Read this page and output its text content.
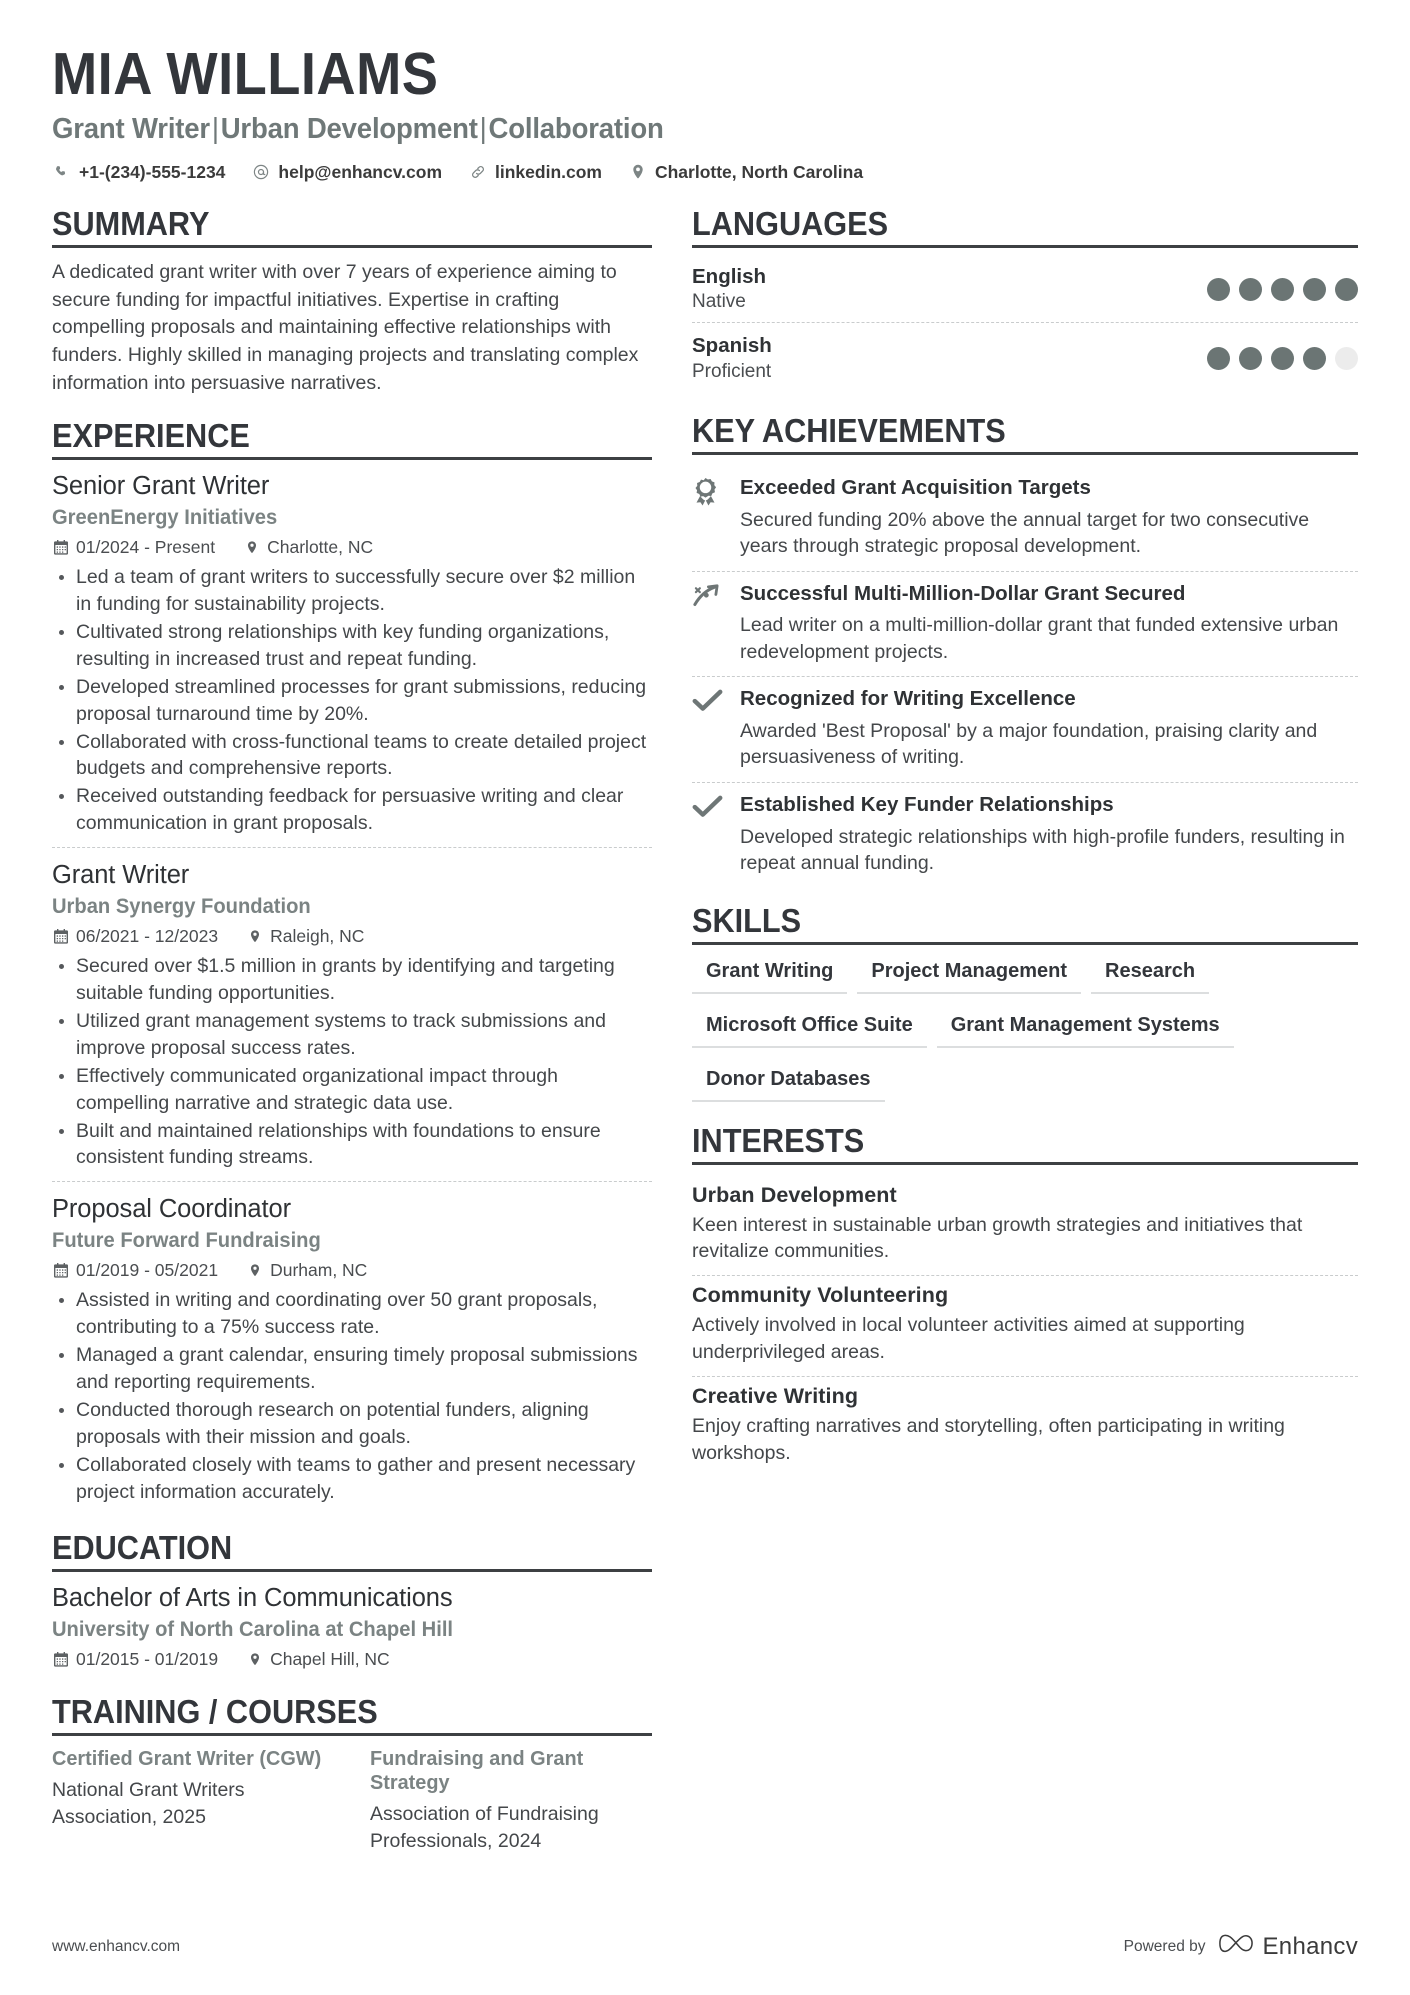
MIA WILLIAMS
Grant Writer|Urban Development|Collaboration
+1-(234)-555-1234	help@enhancv.com	linkedin.com	Charlotte, North Carolina
SUMMARY
A dedicated grant writer with over 7 years of experience aiming to secure funding for impactful initiatives. Expertise in crafting compelling proposals and maintaining effective relationships with funders. Highly skilled in managing projects and translating complex information into persuasive narratives.
EXPERIENCE
Senior Grant Writer
GreenEnergy Initiatives
01/2024 - Present	Charlotte, NC
Led a team of grant writers to successfully secure over $2 million in funding for sustainability projects.
Cultivated strong relationships with key funding organizations, resulting in increased trust and repeat funding.
Developed streamlined processes for grant submissions, reducing proposal turnaround time by 20%.
Collaborated with cross-functional teams to create detailed project budgets and comprehensive reports.
Received outstanding feedback for persuasive writing and clear communication in grant proposals.
Grant Writer
Urban Synergy Foundation
06/2021 - 12/2023	Raleigh, NC
Secured over $1.5 million in grants by identifying and targeting suitable funding opportunities.
Utilized grant management systems to track submissions and improve proposal success rates.
Effectively communicated organizational impact through compelling narrative and strategic data use.
Built and maintained relationships with foundations to ensure consistent funding streams.
Proposal Coordinator
Future Forward Fundraising
01/2019 - 05/2021	Durham, NC
Assisted in writing and coordinating over 50 grant proposals, contributing to a 75% success rate.
Managed a grant calendar, ensuring timely proposal submissions and reporting requirements.
Conducted thorough research on potential funders, aligning proposals with their mission and goals.
Collaborated closely with teams to gather and present necessary project information accurately.
EDUCATION
Bachelor of Arts in Communications
University of North Carolina at Chapel Hill
01/2015 - 01/2019	Chapel Hill, NC
TRAINING / COURSES
Certified Grant Writer (CGW)
National Grant Writers Association, 2025
Fundraising and Grant Strategy
Association of Fundraising Professionals, 2024
LANGUAGES
English
Native
Spanish
Proficient
KEY ACHIEVEMENTS
1 Exceeded Grant Acquisition Targets
Secured funding 20% above the annual target for two consecutive years through strategic proposal development.
Successful Multi-Million-Dollar Grant Secured
Lead writer on a multi-million-dollar grant that funded extensive urban redevelopment projects.
Recognized for Writing Excellence
Awarded 'Best Proposal' by a major foundation, praising clarity and persuasiveness of writing.
Established Key Funder Relationships
Developed strategic relationships with high-profile funders, resulting in repeat annual funding.
SKILLS
Grant Writing	Project Management	Research
Microsoft Office Suite	Grant Management Systems
Donor Databases
INTERESTS
Urban Development
Keen interest in sustainable urban growth strategies and initiatives that revitalize communities.
Community Volunteering
Actively involved in local volunteer activities aimed at supporting underprivileged areas.
Creative Writing
Enjoy crafting narratives and storytelling, often participating in writing workshops.
www.enhancv.com	Powered by Enhancv
